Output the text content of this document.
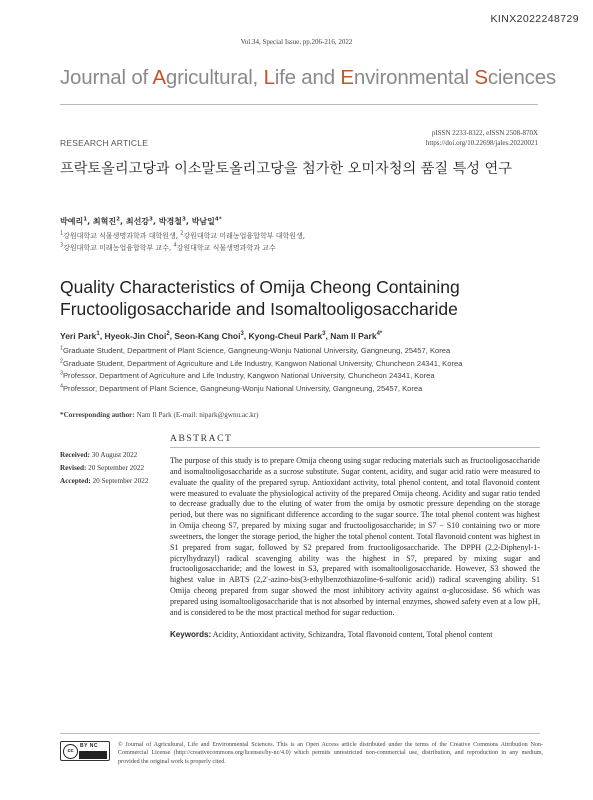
KINX2022248729
Vol.34, Special Issue, pp.206-216, 2022
Journal of Agricultural, Life and Environmental Sciences
RESEARCH ARTICLE
pISSN 2233-8322, eISSN 2508-870X
https://doi.org/10.22698/jales.20220021
프락토올리고당과 이소말토올리고당을 첨가한 오미자청의 품질 특성 연구
박예리$^1$, 최혁진$^2$, 최선강$^3$, 박경철$^3$, 박남일$^{4*}$
$^1$강원대학교 식물생명과학과 대학원생, $^2$강원대학교 미래농업융합학부 대학원생,
$^3$강원대학교 미래농업융합학부 교수, $^4$강원대학교 식물생명과학과 교수
Quality Characteristics of Omija Cheong Containing
Fructooligosaccharide and Isomaltooligosaccharide
Yeri Park$^1$, Hyeok-Jin Choi$^2$, Seon-Kang Choi$^3$, Kyong-Cheul Park$^3$, Nam Il Park$^{4*}$
$^1$Graduate Student, Department of Plant Science, Gangneung-Wonju National University, Gangneung, 25457, Korea
$^2$Graduate Student, Department of Agriculture and Life Industry, Kangwon National University, Chuncheon 24341, Korea
$^3$Professor, Department of Agriculture and Life Industry, Kangwon National University, Chuncheon 24341, Korea
$^4$Professor, Department of Plant Science, Gangneung-Wonju National University, Gangneung, 25457, Korea
*Corresponding author: Nam Il Park (E-mail: nipark@gwnu.ac.kr)
Received: 30 August 2022
Revised: 20 September 2022
Accepted: 20 September 2022
ABSTRACT
The purpose of this study is to prepare Omija cheong using sugar reducing materials such as fructooligosaccharide and isomaltooligosaccharide as a sucrose substitute. Sugar content, acidity, and sugar acid ratio were measured to evaluate the quality of the prepared syrup. Antioxidant activity, total phenol content, and total flavonoid content were measured to evaluate the physiological activity of the prepared Omija cheong. Acidity and sugar ratio tended to decrease gradually due to the eluting of water from the omija by osmotic pressure depending on the storage period, but there was no significant difference according to the sugar source. The total phenol content was highest in Omija cheong S7, prepared by mixing sugar and fructooligosaccharide; in S7 − S10 containing two or more sweetners, the longer the storage period, the higher the total phenol content. Total flavonoid content was highest in S1 prepared from sugar, followed by S2 prepared from fructooligosaccharide. The DPPH (2,2-Diphenyl-1-picrylhydrazyl) radical scavenging ability was the highest in S7, prepared by mixing sugar and fructooligosaccharide; and the lowest in S3, prepared with isomaltooligosaccharide. However, S3 showed the highest value in ABTS (2,2′-azino-bis(3-ethylbenzothiazoline-6-sulfonic acid)) radical scavenging ability. S1 Omija cheong prepared from sugar showed the most inhibitory activity against α-glucosidase. S6 which was prepared using isomaltooligosaccharide that is not absorbed by internal enzymes, showed safety even at a low pH, and is considered to be the most practical method for sugar reduction.
Keywords: Acidity, Antioxidant activity, Schizandra, Total flavonoid content, Total phenol content
cc
BY NC	© Journal of Agricultural, Life and Environmental Sciences. This is an Open Access article distributed under the terms of the Creative Commons Attribution Non-Commercial License (http://creativecommons.org/licenses/by-nc/4.0) which permits unrestricted non-commercial use, distribution, and reproduction in any medium, provided the original work is properly cited.
